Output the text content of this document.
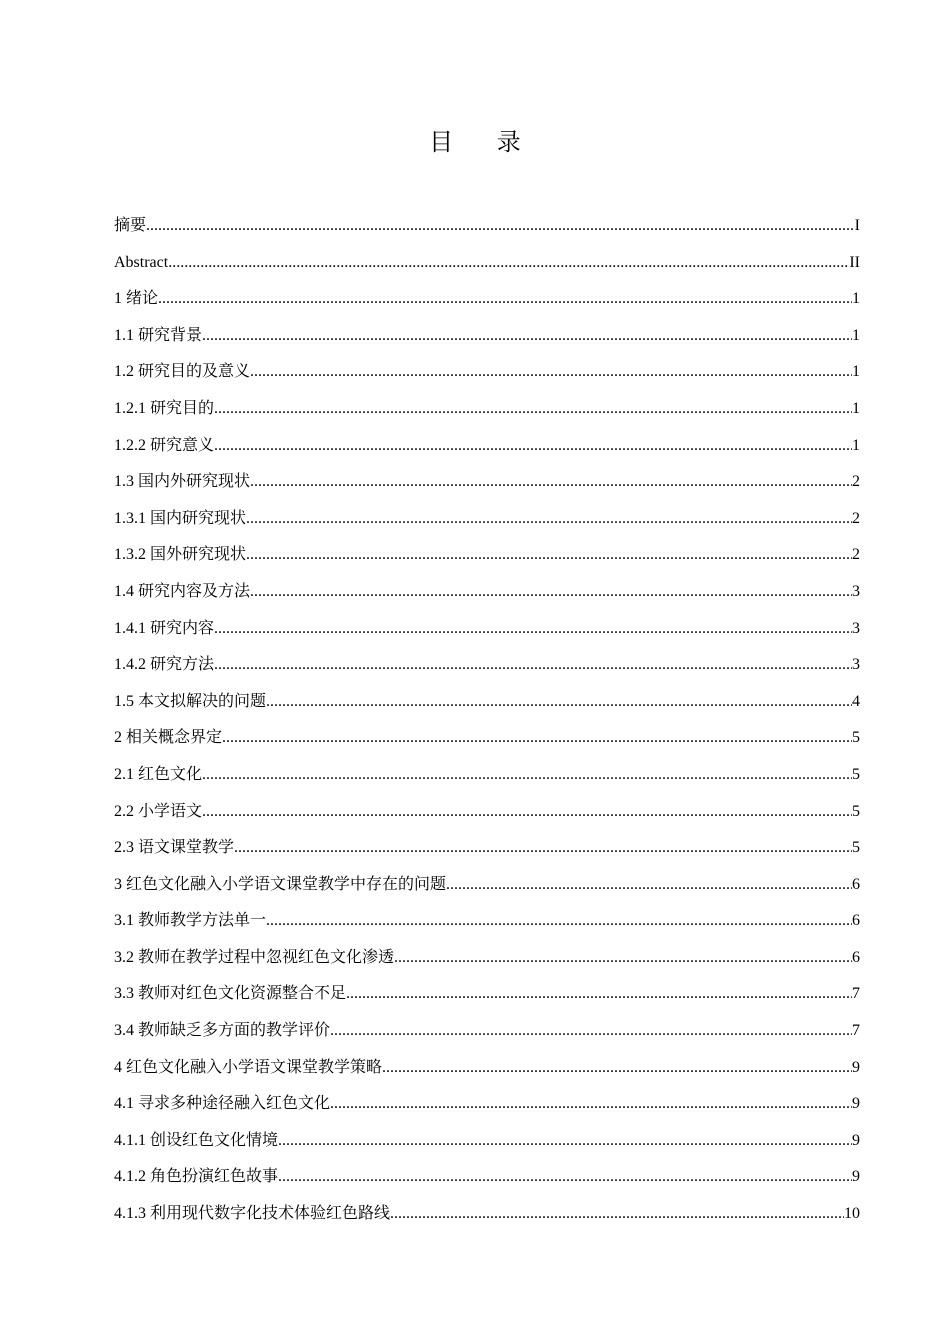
目 录
摘要 .....	I
Abstract .....	II
1 绪论 .....	1
1.1 研究背景 .....	1
1.2 研究目的及意义 .....	1
1.2.1 研究目的 .....	1
1.2.2 研究意义 .....	1
1.3 国内外研究现状 .....	2
1.3.1 国内研究现状 .....	2
1.3.2 国外研究现状 .....	2
1.4 研究内容及方法 .....	3
1.4.1 研究内容 .....	3
1.4.2 研究方法 .....	3
1.5 本文拟解决的问题 .....	4
2 相关概念界定 .....	5
2.1 红色文化 .....	5
2.2 小学语文 .....	5
2.3 语文课堂教学 .....	5
3 红色文化融入小学语文课堂教学中存在的问题 .....	6
3.1 教师教学方法单一 .....	6
3.2 教师在教学过程中忽视红色文化渗透 .....	6
3.3 教师对红色文化资源整合不足 .....	7
3.4 教师缺乏多方面的教学评价 .....	7
4 红色文化融入小学语文课堂教学策略 .....	9
4.1 寻求多种途径融入红色文化 .....	9
4.1.1 创设红色文化情境 .....	9
4.1.2 角色扮演红色故事 .....	9
4.1.3 利用现代数字化技术体验红色路线 .....	10
